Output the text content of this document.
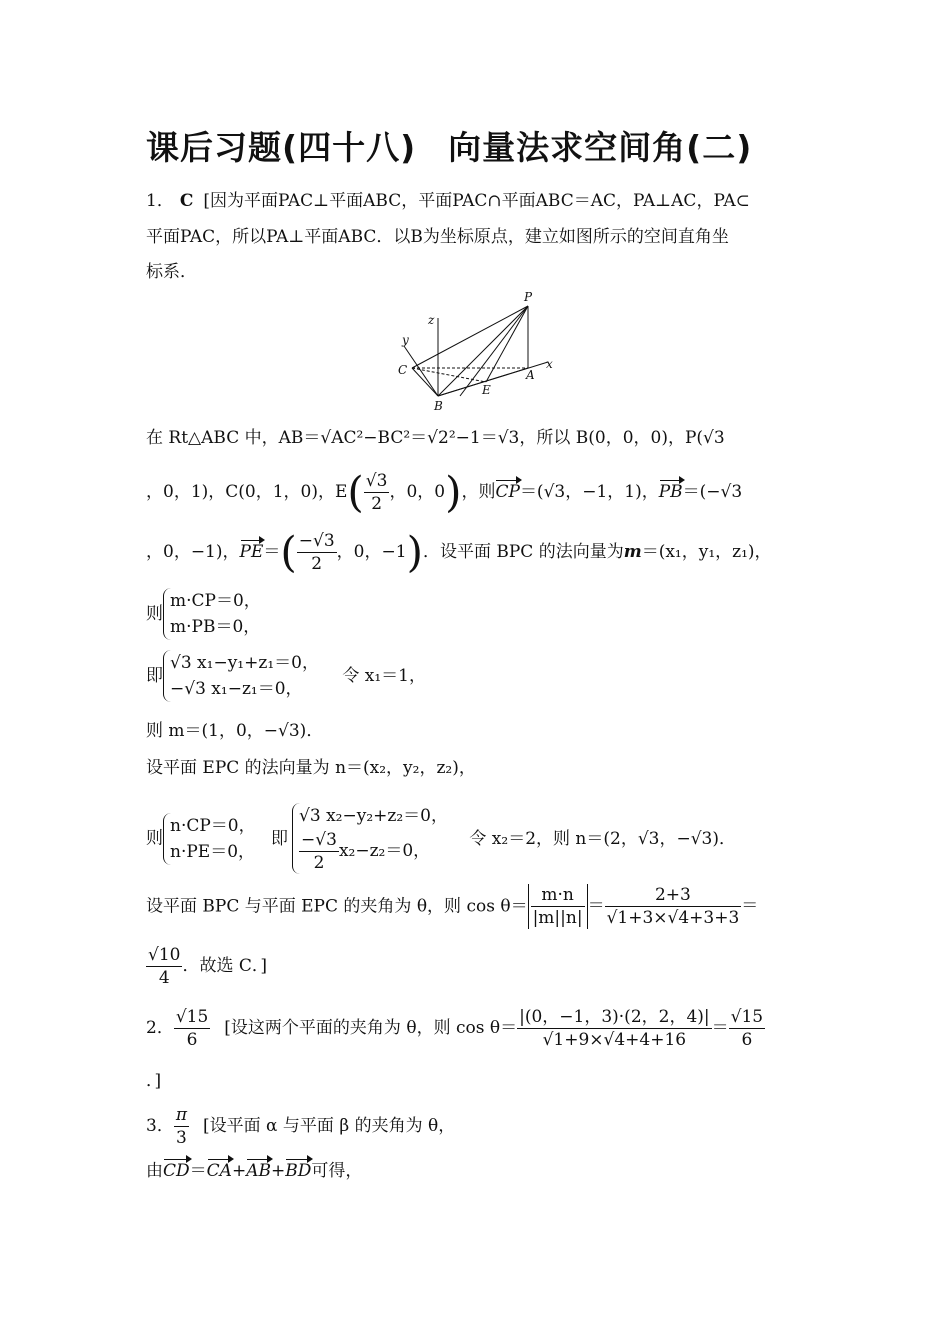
课后习题(四十八) 向量法求空间角(二)
1． C [因为平面PAC⊥平面ABC，平面PAC∩平面ABC＝AC，PA⊥AC，PA⊂
平面PAC，所以PA⊥平面ABC．以B为坐标原点，建立如图所示的空间直角坐
标系．
P
z
y
x
C	A
E
B
在 Rt△ABC 中，AB＝√AC²−BC²＝√2²−1＝√3，所以 B(0，0，0)，P(√3
，0，1)，C(0，1，0)，$E( \frac{√3}{2}$ ，0，0)，则CP＝(√3，−1，1)，PB＝(−√3
，0，−1)，$PE=( \frac{-√3}{2}$ ，0，−1)．设平面 BPC 的法向量为m＝(x₁，y₁，z₁)，
则
m·CP＝0，
m·PB＝0，
即
√3 x₁−y₁+z₁＝0，
−√3 x₁−z₁＝0，
令 x₁＝1，
则 m＝(1，0，−√3)．
设平面 EPC 的法向量为 n＝(x₂，y₂，z₂)，
则
n·CP＝0，
n·PE＝0，
即
√3 x₂−y₂+z₂＝0，
$\frac{-√3}{2} x_2-z_2=0$，
令 x₂＝2，则 n＝(2，√3，−√3)．
设平面 BPC 与平面 EPC 的夹角为 θ，则 $\cos \theta= \frac{m\cdot n}{|m||n|} = \frac{2+3}{√1+3\times√4+3+3}$ ＝
$\frac{√10}{4}$ ．故选 C．]
2． $\frac{√15}{6}$ [设这两个平面的夹角为 θ，则 $\cos \theta= \frac{|(0,-1,3)\cdot(2,2,4)|}{√1+9\times√4+4+16} = \frac{√15}{6}$
．]
3． $\frac{\pi}{3}$ [设平面 α 与平面 β 的夹角为 θ，
由CD＝CA+AB+BD可得，
